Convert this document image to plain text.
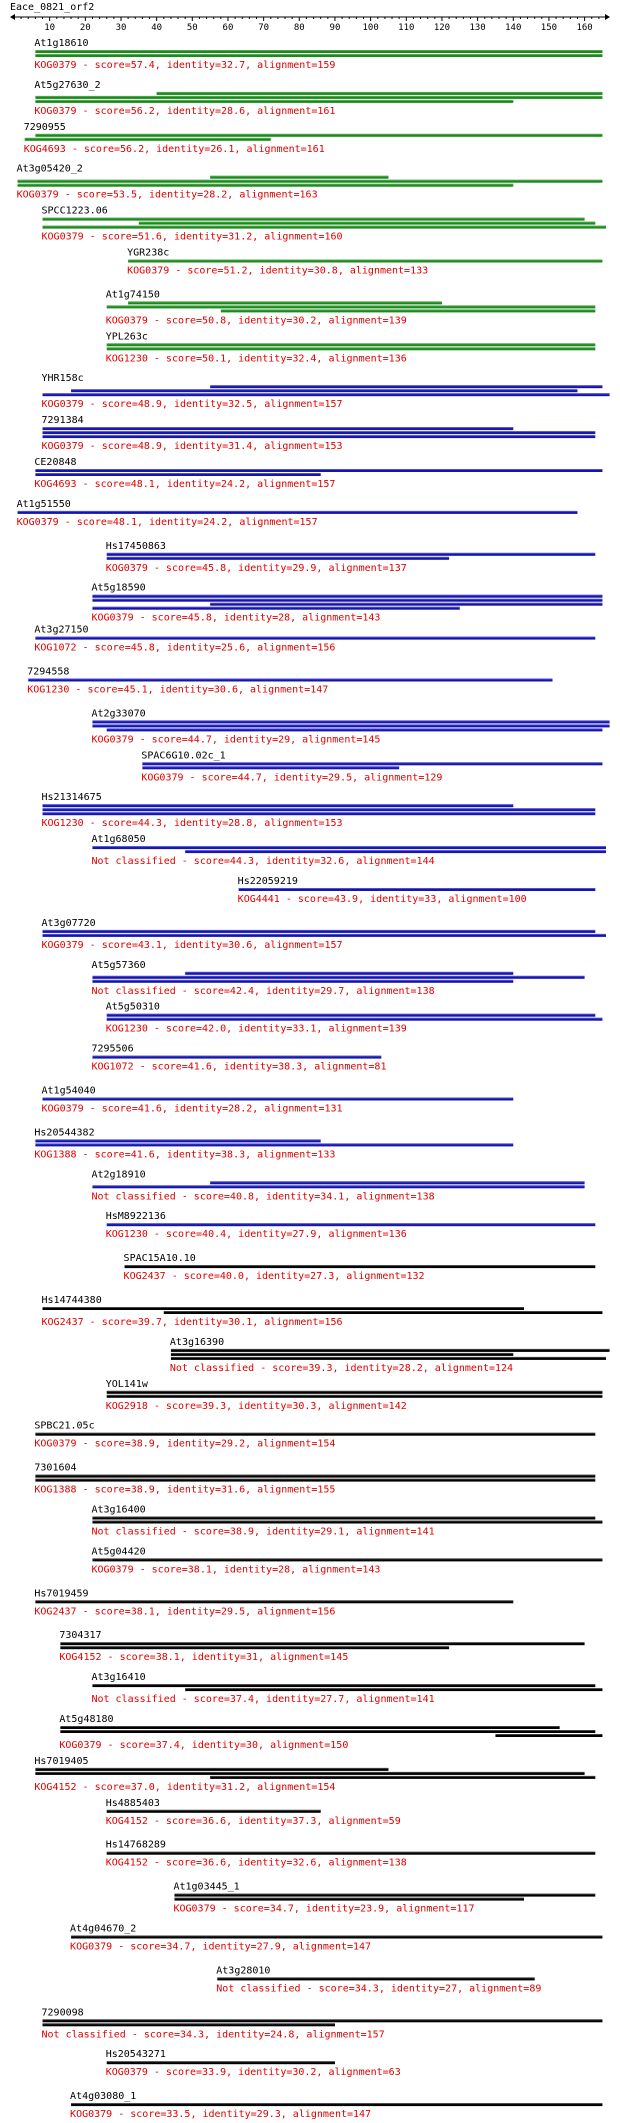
Eace_0821_orf2
10	20	30	40	50	60	70	80	90 100 110 120 130 140 150 160
At1g18610
KOG0379 - score=57.4, identity=32.7, alignment=159
At5g27630_2
KOG0379 - score=56.2, identity=28.6, alignment=161
7290955
KOG4693 - score=56.2, identity=26.1, alignment=161
At3g05420_2
KOG0379 - score=53.5, identity=28.2, alignment=163
SPCC1223.06
KOG0379 - score=51.6, identity=31.2, alignment=160
YGR238c
KOG0379 - score=51.2, identity=30.8, alignment=133
At1g74150
KOG0379 - score=50.8, identity=30.2, alignment=139
YPL263c
KOG1230 - score=50.1, identity=32.4, alignment=136
YHR158c
KOG0379 - score=48.9, identity=32.5, alignment=157
7291384
KOG0379 - score=48.9, identity=31.4, alignment=153
CE20848
KOG4693 - score=48.1, identity=24.2, alignment=157
At1g51550
KOG0379 - score=48.1, identity=24.2, alignment=157
Hs17450863
KOG0379 - score=45.8, identity=29.9, alignment=137
At5g18590
KOG0379 - score=45.8, identity=28, alignment=143
At3g27150
KOG1072 - score=45.8, identity=25.6, alignment=156
7294558
KOG1230 - score=45.1, identity=30.6, alignment=147
At2g33070
KOG0379 - score=44.7, identity=29, alignment=145
SPAC6G10.02c_1
KOG0379 - score=44.7, identity=29.5, alignment=129
Hs21314675
KOG1230 - score=44.3, identity=28.8, alignment=153
At1g68050
Not classified - score=44.3, identity=32.6, alignment=144
Hs22059219
KOG4441 - score=43.9, identity=33, alignment=100
At3g07720
KOG0379 - score=43.1, identity=30.6, alignment=157
At5g57360
Not classified - score=42.4, identity=29.7, alignment=138
At5g50310
KOG1230 - score=42.0, identity=33.1, alignment=139
7295506
KOG1072 - score=41.6, identity=38.3, alignment=81
At1g54040
KOG0379 - score=41.6, identity=28.2, alignment=131
Hs20544382
KOG1388 - score=41.6, identity=38.3, alignment=133
At2g18910
Not classified - score=40.8, identity=34.1, alignment=138
HsM8922136
KOG1230 - score=40.4, identity=27.9, alignment=136
SPAC15A10.10
KOG2437 - score=40.0, identity=27.3, alignment=132
Hs14744380
KOG2437 - score=39.7, identity=30.1, alignment=156
At3g16390
Not classified - score=39.3, identity=28.2, alignment=124
YOL141w
KOG2918 - score=39.3, identity=30.3, alignment=142
SPBC21.05c
KOG0379 - score=38.9, identity=29.2, alignment=154
7301604
KOG1388 - score=38.9, identity=31.6, alignment=155
At3g16400
Not classified - score=38.9, identity=29.1, alignment=141
At5g04420
KOG0379 - score=38.1, identity=28, alignment=143
Hs7019459
KOG2437 - score=38.1, identity=29.5, alignment=156
7304317
KOG4152 - score=38.1, identity=31, alignment=145
At3g16410
Not classified - score=37.4, identity=27.7, alignment=141
At5g48180
KOG0379 - score=37.4, identity=30, alignment=150
Hs7019405
KOG4152 - score=37.0, identity=31.2, alignment=154
Hs4885403
KOG4152 - score=36.6, identity=37.3, alignment=59
Hs14768289
KOG4152 - score=36.6, identity=32.6, alignment=138
At1g03445_1
KOG0379 - score=34.7, identity=23.9, alignment=117
At4g04670_2
KOG0379 - score=34.7, identity=27.9, alignment=147
At3g28010
Not classified - score=34.3, identity=27, alignment=89
7290098
Not classified - score=34.3, identity=24.8, alignment=157
Hs20543271
KOG0379 - score=33.9, identity=30.2, alignment=63
At4g03080_1
KOG0379 - score=33.5, identity=29.3, alignment=147
